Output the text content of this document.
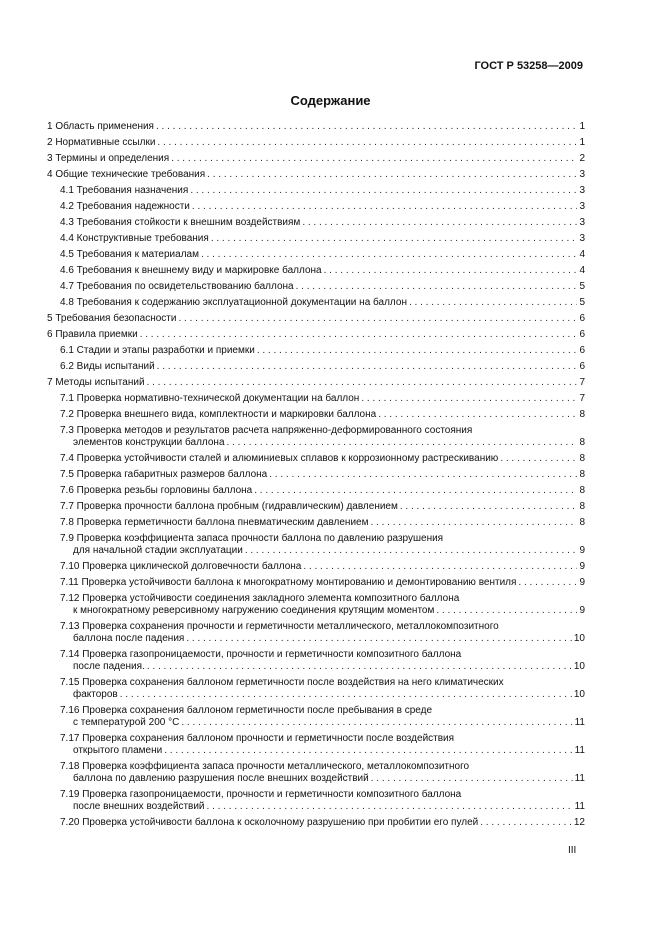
ГОСТ Р 53258—2009
Содержание
1 Область применения . . .	1
2 Нормативные ссылки . . .	1
3 Термины и определения . . .	2
4 Общие технические требования . . .	3
4.1 Требования назначения . . .	3
4.2 Требования надежности . . .	3
4.3 Требования стойкости к внешним воздействиям . . .	3
4.4 Конструктивные требования . . .	3
4.5 Требования к материалам . . .	4
4.6 Требования к внешнему виду и маркировке баллона . . .	4
4.7 Требования по освидетельствованию баллона . . .	5
4.8 Требования к содержанию эксплуатационной документации на баллон . . .	5
5 Требования безопасности . . .	6
6 Правила приемки . . .	6
6.1 Стадии и этапы разработки и приемки . . .	6
6.2 Виды испытаний . . .	6
7 Методы испытаний . . .	7
7.1 Проверка нормативно-технической документации на баллон . . .	7
7.2 Проверка внешнего вида, комплектности и маркировки баллона . . .	8
7.3 Проверка методов и результатов расчета напряженно-деформированного состояния
элементов конструкции баллона . . .	8
7.4 Проверка устойчивости сталей и алюминиевых сплавов к коррозионному растрескиванию . . .	8
7.5 Проверка габаритных размеров баллона . . .	8
7.6 Проверка резьбы горловины баллона . . .	8
7.7 Проверка прочности баллона пробным (гидравлическим) давлением . . .	8
7.8 Проверка герметичности баллона пневматическим давлением . . .	8
7.9 Проверка коэффициента запаса прочности баллона по давлению разрушения
для начальной стадии эксплуатации . . .	9
7.10 Проверка циклической долговечности баллона . . .	9
7.11 Проверка устойчивости баллона к многократному монтированию и демонтированию вентиля . . .	9
7.12 Проверка устойчивости соединения закладного элемента композитного баллона
к многократному реверсивному нагружению соединения крутящим моментом . . .	9
7.13 Проверка сохранения прочности и герметичности металлического, металлокомпозитного
баллона после падения . . .	10
7.14 Проверка газопроницаемости, прочности и герметичности композитного баллона
после падения. . . .	10
7.15 Проверка сохранения баллоном герметичности после воздействия на него климатических
факторов . . .	10
7.16 Проверка сохранения баллоном герметичности после пребывания в среде
с температурой 200 °С . . .	11
7.17 Проверка сохранения баллоном прочности и герметичности после воздействия
открытого пламени . . .	11
7.18 Проверка коэффициента запаса прочности металлического, металлокомпозитного
баллона по давлению разрушения после внешних воздействий . . .	11
7.19 Проверка газопроницаемости, прочности и герметичности композитного баллона
после внешних воздействий . . .	11
7.20 Проверка устойчивости баллона к осколочному разрушению при пробитии его пулей . . .	12
III
